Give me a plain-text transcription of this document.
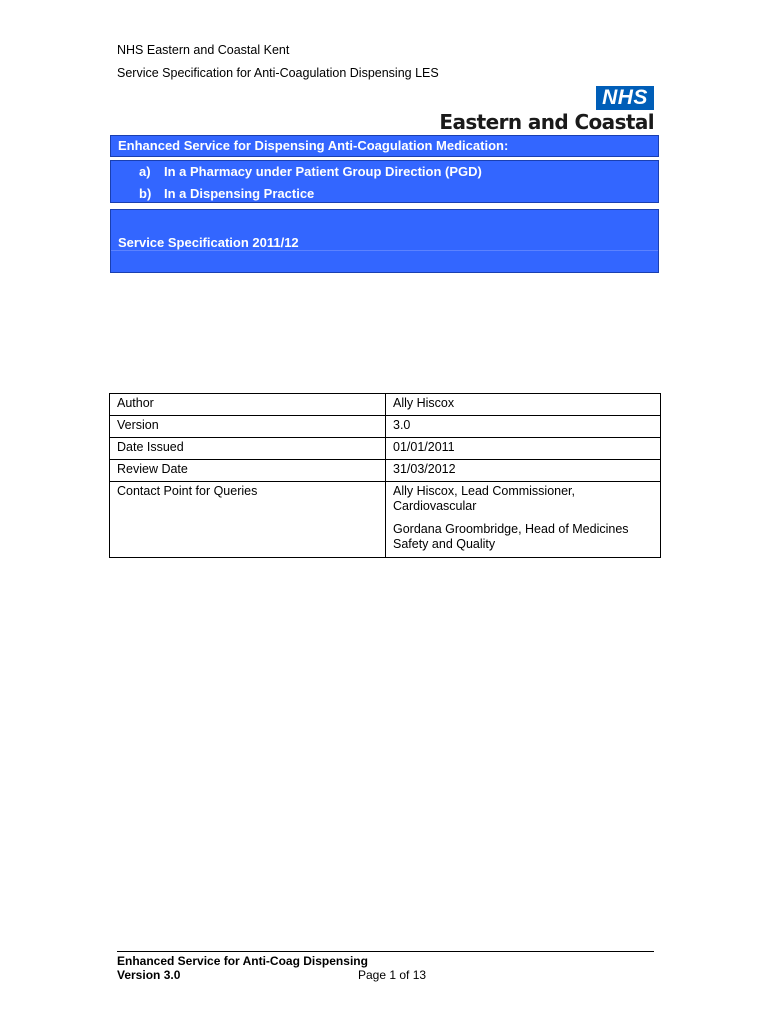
NHS Eastern and Coastal Kent
Service Specification for Anti-Coagulation Dispensing LES
NHS
Eastern and Coastal
Enhanced Service for Dispensing Anti-Coagulation Medication:
a) In a Pharmacy under Patient Group Direction (PGD)
b) In a Dispensing Practice
Service Specification 2011/12
Author	Ally Hiscox
Version	3.0
Date Issued	01/01/2011
Review Date	31/03/2012
Contact Point for Queries	Ally Hiscox, Lead Commissioner, Cardiovascular
Gordana Groombridge, Head of Medicines Safety and Quality
Enhanced Service for Anti-Coag Dispensing
Version 3.0	Page 1 of 13
